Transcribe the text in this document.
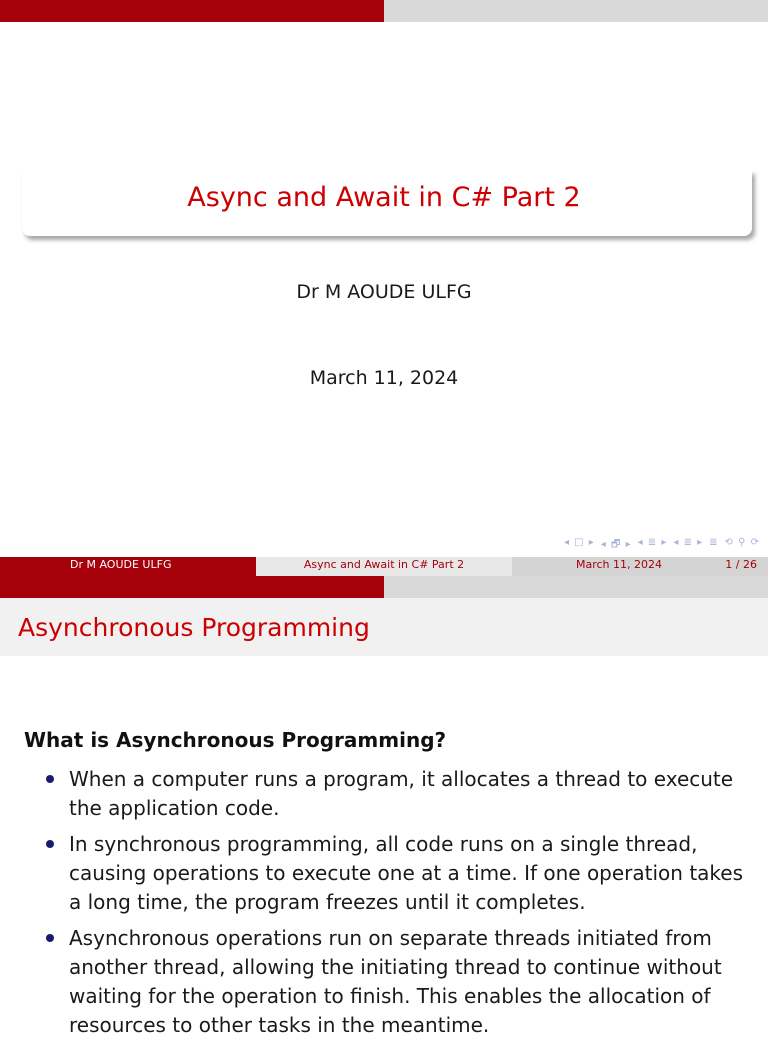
Async and Await in C# Part 2
Dr M AOUDE ULFG
March 11, 2024
◂ □ ▸ ◂ 🗗 ▸ ◂ ≣ ▸ ◂ ≣ ▸ ≣ ⟲ ⚲ ⟳
Dr M AOUDE ULFG	Async and Await in C# Part 2	March 11, 2024	1 / 26
Asynchronous Programming
What is Asynchronous Programming?
When a computer runs a program, it allocates a thread to execute the application code.
In synchronous programming, all code runs on a single thread, causing operations to execute one at a time. If one operation takes a long time, the program freezes until it completes.
Asynchronous operations run on separate threads initiated from another thread, allowing the initiating thread to continue without waiting for the operation to finish. This enables the allocation of resources to other tasks in the meantime.
